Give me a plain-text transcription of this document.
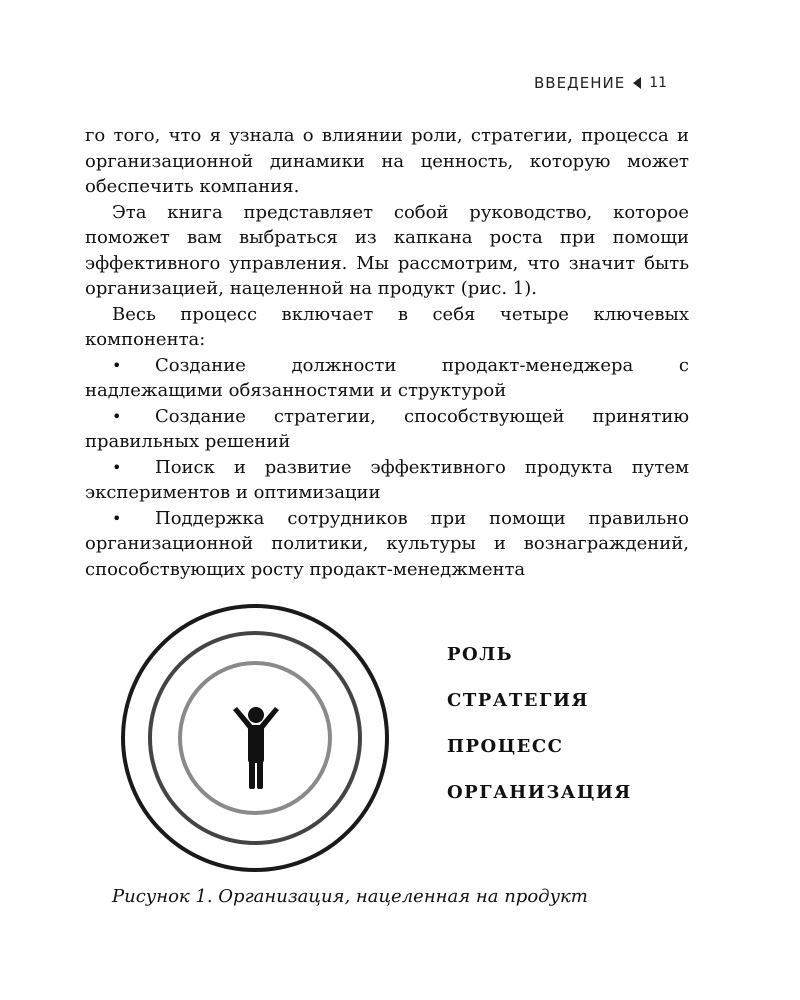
ВВЕДЕНИЕ 11

го того, что я узнала о влиянии роли, стратегии, процесса и организационной динамики на ценность, которую может обеспечить компания.

Эта книга представляет собой руководство, которое поможет вам выбраться из капкана роста при помощи эффективного управления. Мы рассмотрим, что значит быть организацией, нацеленной на продукт (рис. 1).

Весь процесс включает в себя четыре ключевых компонента:

• Создание должности продакт-менеджера с надлежащими обязанностями и структурой

• Создание стратегии, способствующей принятию правильных решений

• Поиск и развитие эффективного продукта путем экспериментов и оптимизации

• Поддержка сотрудников при помощи правильно организационной политики, культуры и вознаграждений, способствующих росту продакт-менеджмента

РОЛЬ
СТРАТЕГИЯ
ПРОЦЕСС
ОРГАНИЗАЦИЯ
Рисунок 1. Организация, нацеленная на продукт
